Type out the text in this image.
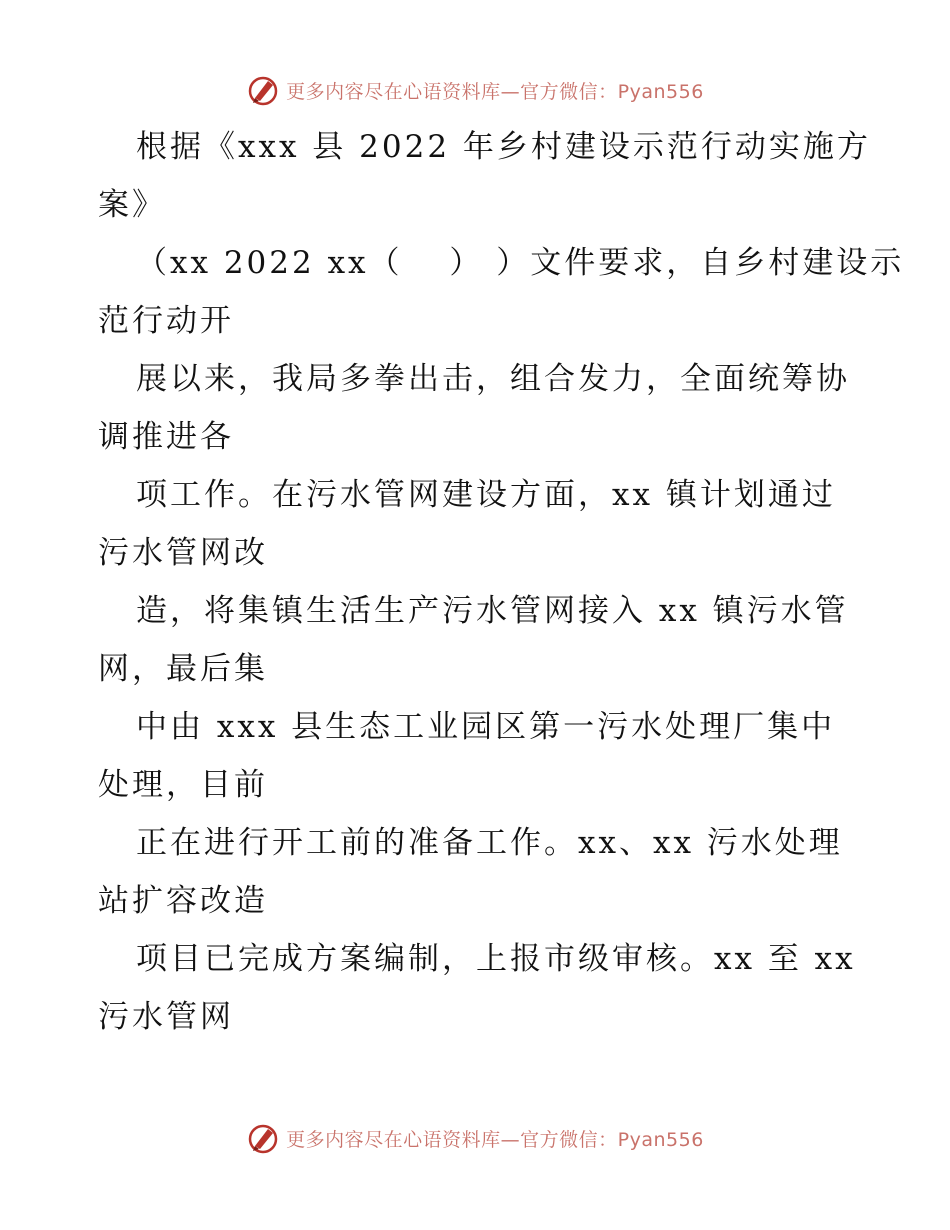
更多内容尽在心语资料库—官方微信：Pyan556
根据《xxx 县 2022 年乡村建设示范行动实施方
案》
（xx 2022 xx（　 ） ）文件要求，自乡村建设示
范行动开
展以来，我局多拳出击，组合发力，全面统筹协
调推进各
项工作。在污水管网建设方面，xx 镇计划通过
污水管网改
造，将集镇生活生产污水管网接入 xx 镇污水管
网，最后集
中由 xxx 县生态工业园区第一污水处理厂集中
处理，目前
正在进行开工前的准备工作。xx、xx 污水处理
站扩容改造
项目已完成方案编制，上报市级审核。xx 至 xx
污水管网
更多内容尽在心语资料库—官方微信：Pyan556
